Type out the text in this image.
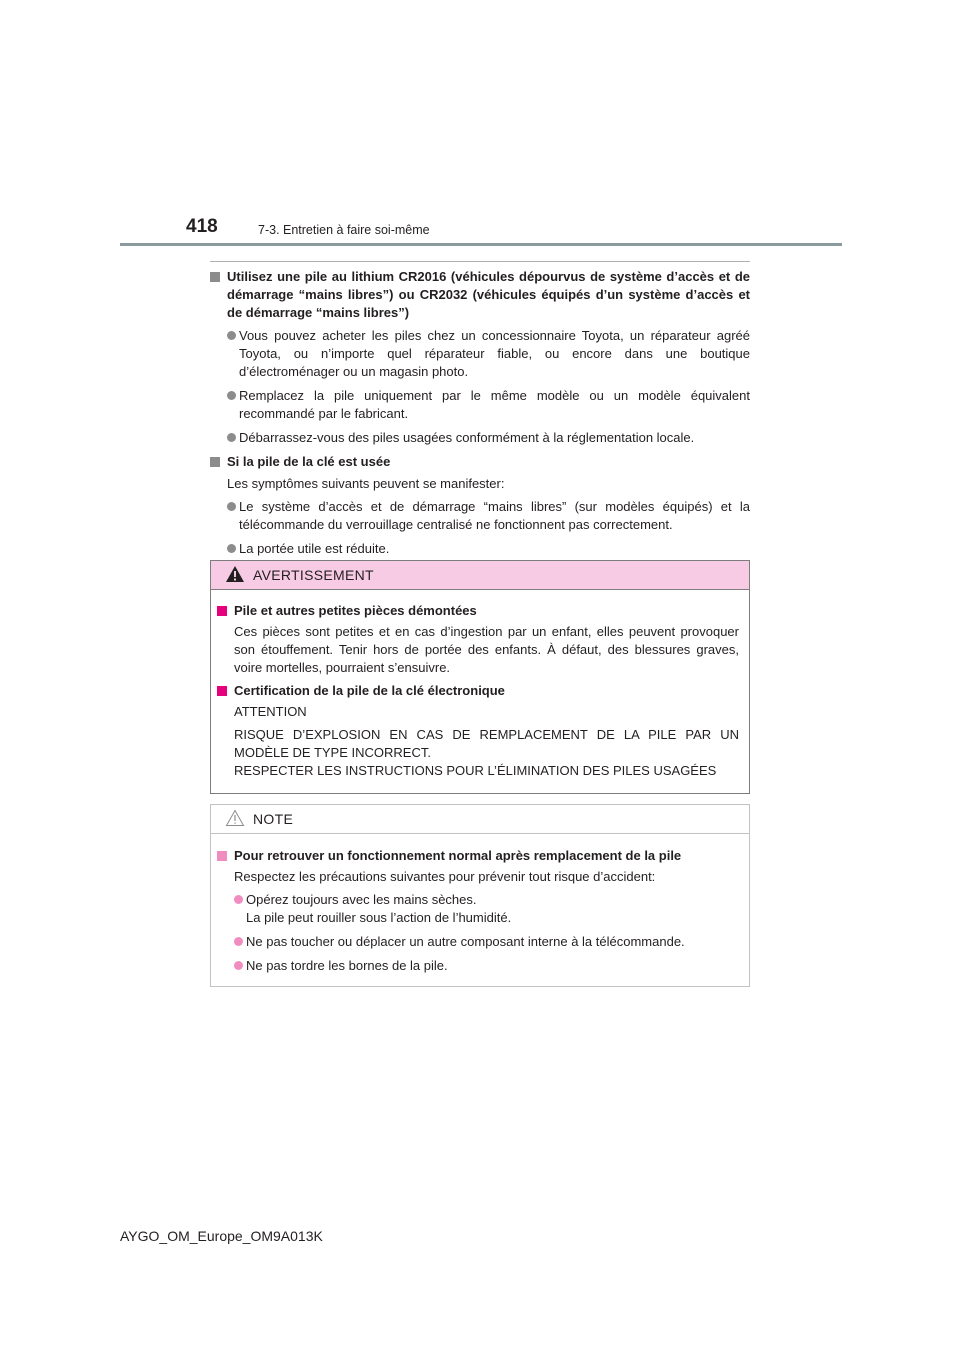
418	7-3. Entretien à faire soi-même
Utilisez une pile au lithium CR2016 (véhicules dépourvus de système d’accès et de démarrage “mains libres”) ou CR2032 (véhicules équipés d’un système d’accès et de démarrage “mains libres”)
Vous pouvez acheter les piles chez un concessionnaire Toyota, un réparateur agréé Toyota, ou n’importe quel réparateur fiable, ou encore dans une boutique d’électroménager ou un magasin photo.
Remplacez la pile uniquement par le même modèle ou un modèle équivalent recommandé par le fabricant.
Débarrassez-vous des piles usagées conformément à la réglementation locale.
Si la pile de la clé est usée
Les symptômes suivants peuvent se manifester:
Le système d’accès et de démarrage “mains libres” (sur modèles équipés) et la télécommande du verrouillage centralisé ne fonctionnent pas correctement.
La portée utile est réduite.
AVERTISSEMENT
Pile et autres petites pièces démontées
Ces pièces sont petites et en cas d’ingestion par un enfant, elles peuvent provoquer son étouffement. Tenir hors de portée des enfants. À défaut, des blessures graves, voire mortelles, pourraient s’ensuivre.
Certification de la pile de la clé électronique
ATTENTION
RISQUE D’EXPLOSION EN CAS DE REMPLACEMENT DE LA PILE PAR UN MODÈLE DE TYPE INCORRECT.
RESPECTER LES INSTRUCTIONS POUR L’ÉLIMINATION DES PILES USAGÉES
NOTE
Pour retrouver un fonctionnement normal après remplacement de la pile
Respectez les précautions suivantes pour prévenir tout risque d’accident:
Opérez toujours avec les mains sèches.
La pile peut rouiller sous l’action de l’humidité.
Ne pas toucher ou déplacer un autre composant interne à la télécommande.
Ne pas tordre les bornes de la pile.
AYGO_OM_Europe_OM9A013K
